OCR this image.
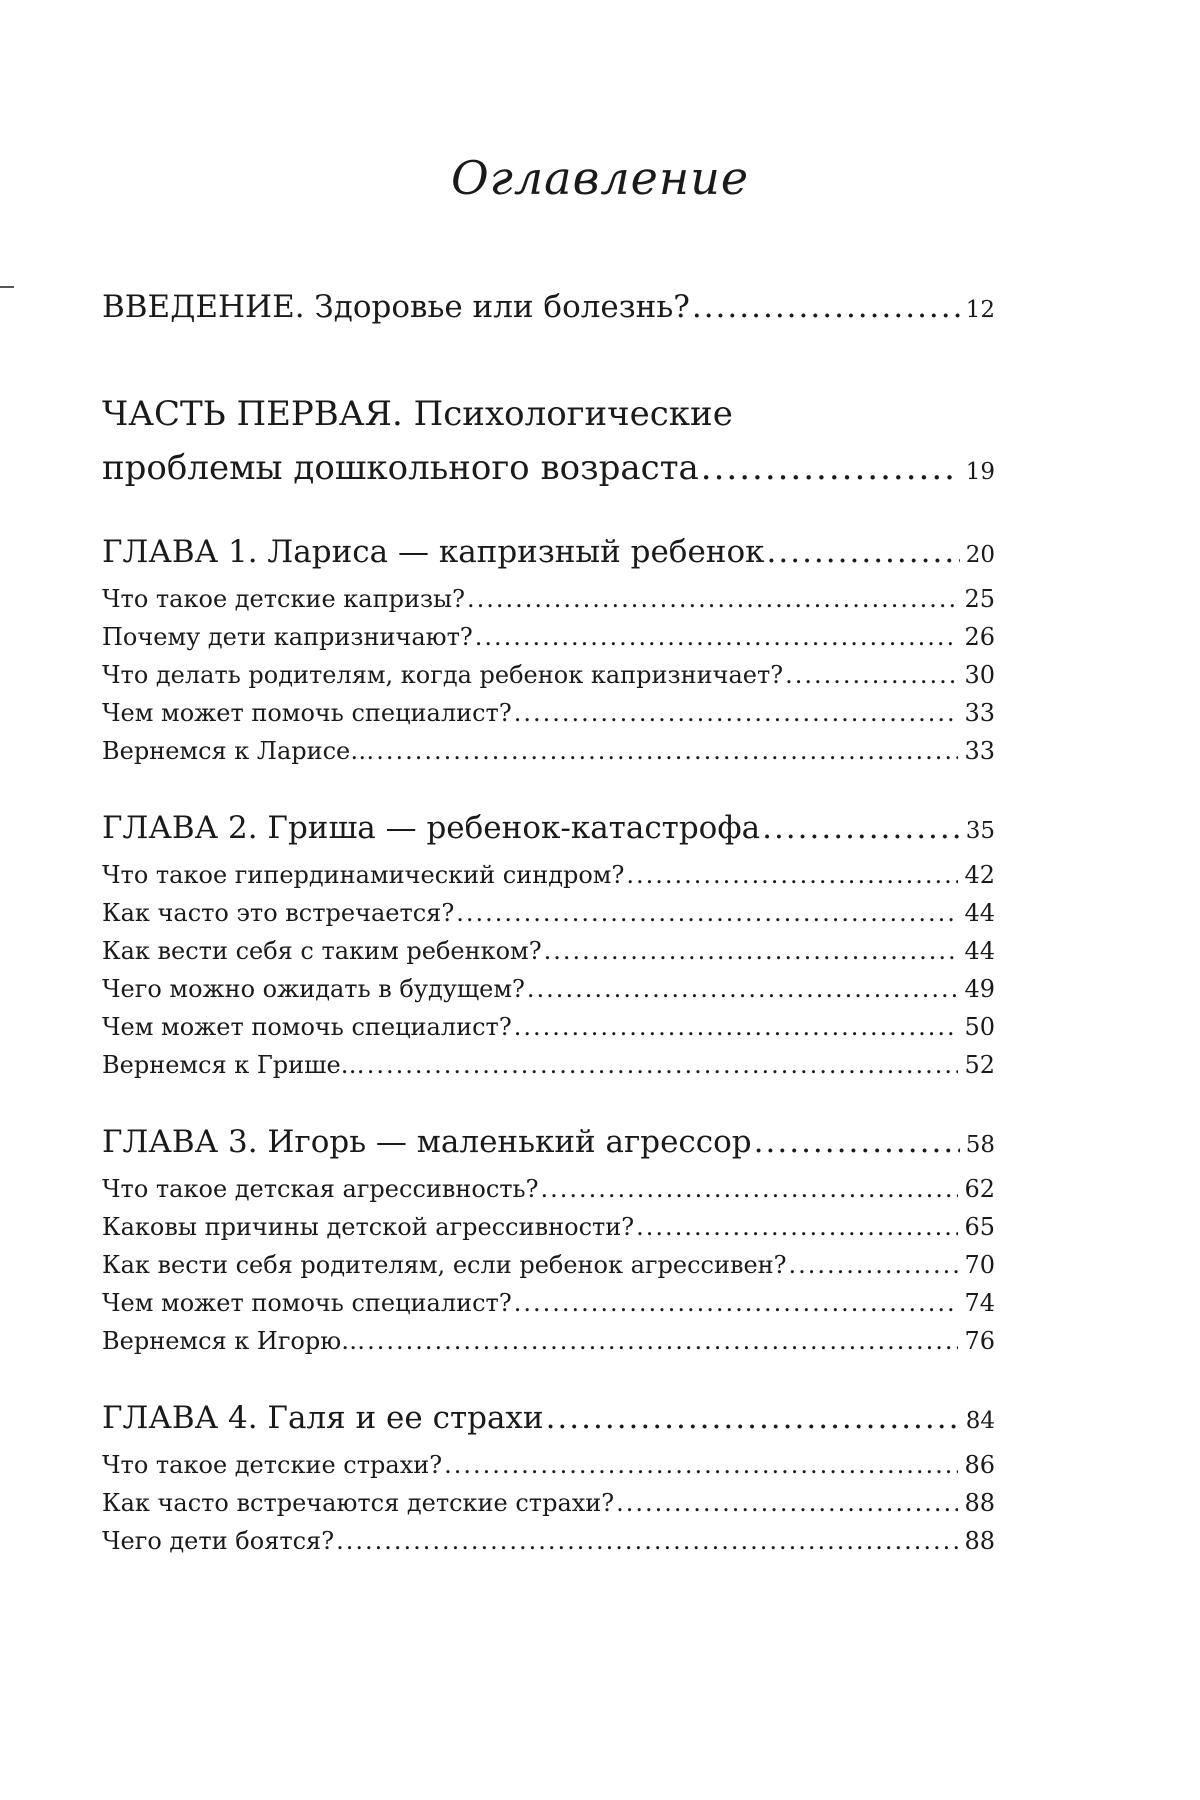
Оглавление
ВВЕДЕНИЕ. Здоровье или болезнь? .....	12
ЧАСТЬ ПЕРВАЯ. Психологические
проблемы дошкольного возраста .....	19
ГЛАВА 1. Лариса — капризный ребенок .....	20
Что такое детские капризы? .....	25
Почему дети капризничают? .....	26
Что делать родителям, когда ребенок капризничает? .....	30
Чем может помочь специалист? .....	33
Вернемся к Ларисе… .....	33
ГЛАВА 2. Гриша — ребенок-катастрофа .....	35
Что такое гипердинамический синдром? .....	42
Как часто это встречается? .....	44
Как вести себя с таким ребенком? .....	44
Чего можно ожидать в будущем? .....	49
Чем может помочь специалист? .....	50
Вернемся к Грише… .....	52
ГЛАВА 3. Игорь — маленький агрессор .....	58
Что такое детская агрессивность? .....	62
Каковы причины детской агрессивности? .....	65
Как вести себя родителям, если ребенок агрессивен? .....	70
Чем может помочь специалист? .....	74
Вернемся к Игорю… .....	76
ГЛАВА 4. Галя и ее страхи .....	84
Что такое детские страхи? .....	86
Как часто встречаются детские страхи? .....	88
Чего дети боятся? .....	88
